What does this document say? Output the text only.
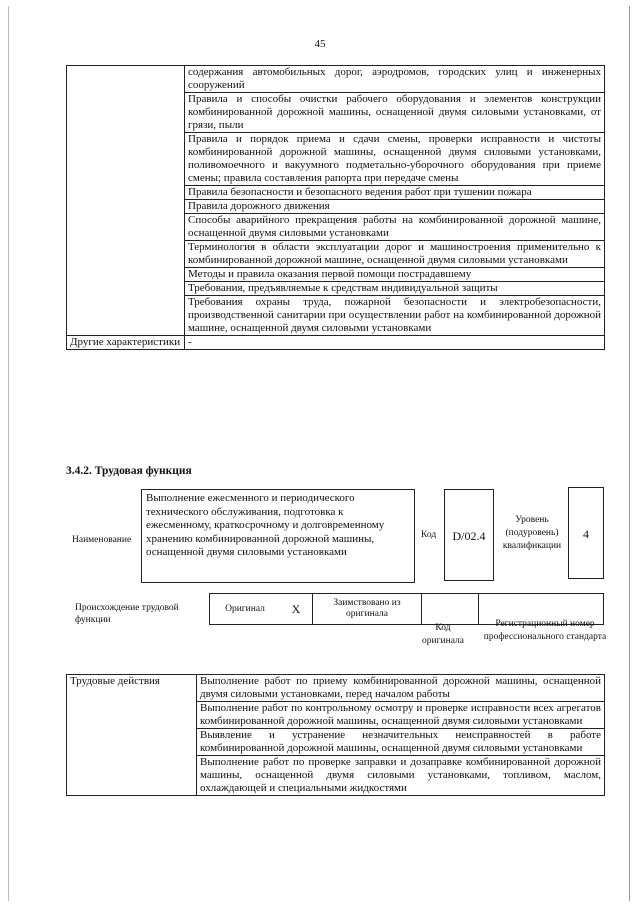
45
	содержания автомобильных дорог, аэродромов, городских улиц и инженерных сооружений
	Правила и способы очистки рабочего оборудования и элементов конструкции комбинированной дорожной машины, оснащенной двумя силовыми установками, от грязи, пыли
	Правила и порядок приема и сдачи смены, проверки исправности и чистоты комбинированной дорожной машины, оснащенной двумя силовыми установками, поливомоечного и вакуумного подметально-уборочного оборудования при приеме смены; правила составления рапорта при передаче смены
	Правила безопасности и безопасного ведения работ при тушении пожара
	Правила дорожного движения
	Способы аварийного прекращения работы на комбинированной дорожной машине, оснащенной двумя силовыми установками
	Терминология в области эксплуатации дорог и машиностроения применительно к комбинированной дорожной машине, оснащенной двумя силовыми установками
	Методы и правила оказания первой помощи пострадавшему
	Требования, предъявляемые к средствам индивидуальной защиты
	Требования охраны труда, пожарной безопасности и электробезопасности, производственной санитарии при осуществлении работ на комбинированной дорожной машине, оснащенной двумя силовыми установками
Другие характеристики	-
3.4.2. Трудовая функция
Наименование
Выполнение ежесменного и периодического технического обслуживания, подготовка к ежесменному, краткосрочному и долговременному хранению комбинированной дорожной машины, оснащенной двумя силовыми установками
Код	D/02.4
Уровень (подуровень) квалификации
4
Происхождение трудовой функции
Оригинал	X	Заимствовано из оригинала		
Код оригинала
Регистрационный номер профессионального стандарта
Трудовые действия	Выполнение работ по приему комбинированной дорожной машины, оснащенной двумя силовыми установками, перед началом работы
Выполнение работ по контрольному осмотру и проверке исправности всех агрегатов комбинированной дорожной машины, оснащенной двумя силовыми установками
Выявление и устранение незначительных неисправностей в работе комбинированной дорожной машины, оснащенной двумя силовыми установками
Выполнение работ по проверке заправки и дозаправке комбинированной дорожной машины, оснащенной двумя силовыми установками, топливом, маслом, охлаждающей и специальными жидкостями
